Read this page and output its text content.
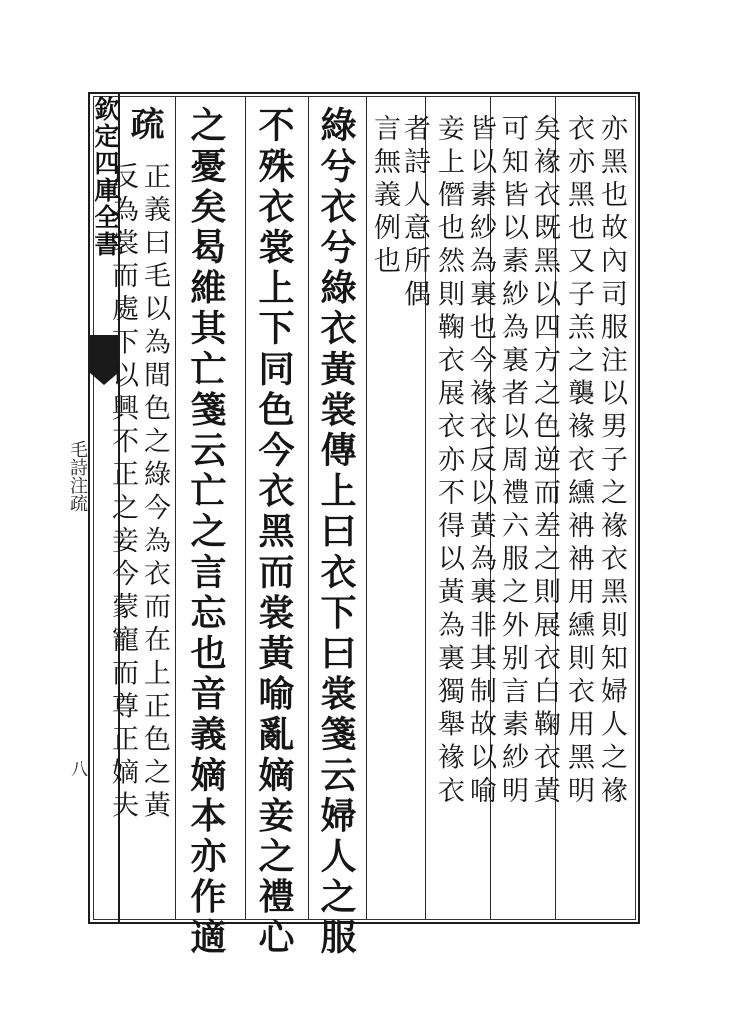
欽定四庫全書
毛詩注疏
八	亦黑也故內司服注以男子之褖衣黑則知婦人之褖
衣亦黑也又子羔之襲褖衣纁袡袡用纁則衣用黑明
矣褖衣既黑以四方之色逆而差之則展衣白鞠衣黃
可知皆以素紗為裏者以周禮六服之外别言素紗明
皆以素紗為裏也今褖衣反以黃為裏非其制故以喻
妾上僭也然則鞠衣展衣亦不得以黃為裏獨舉褖衣
者詩人意所偶
言無義例也
綠兮衣兮綠衣黃裳傳上曰衣下曰裳箋云婦人之服
不殊衣裳上下同色今衣黑而裳黃喻亂嫡妾之禮心
之憂矣曷維其亡箋云亡之言忘也音義嫡本亦作適
疏
反為裳而處下以興不正之妾今蒙寵而尊正嫡夫 正義曰毛以為間色之綠今為衣而在上正色之黃
